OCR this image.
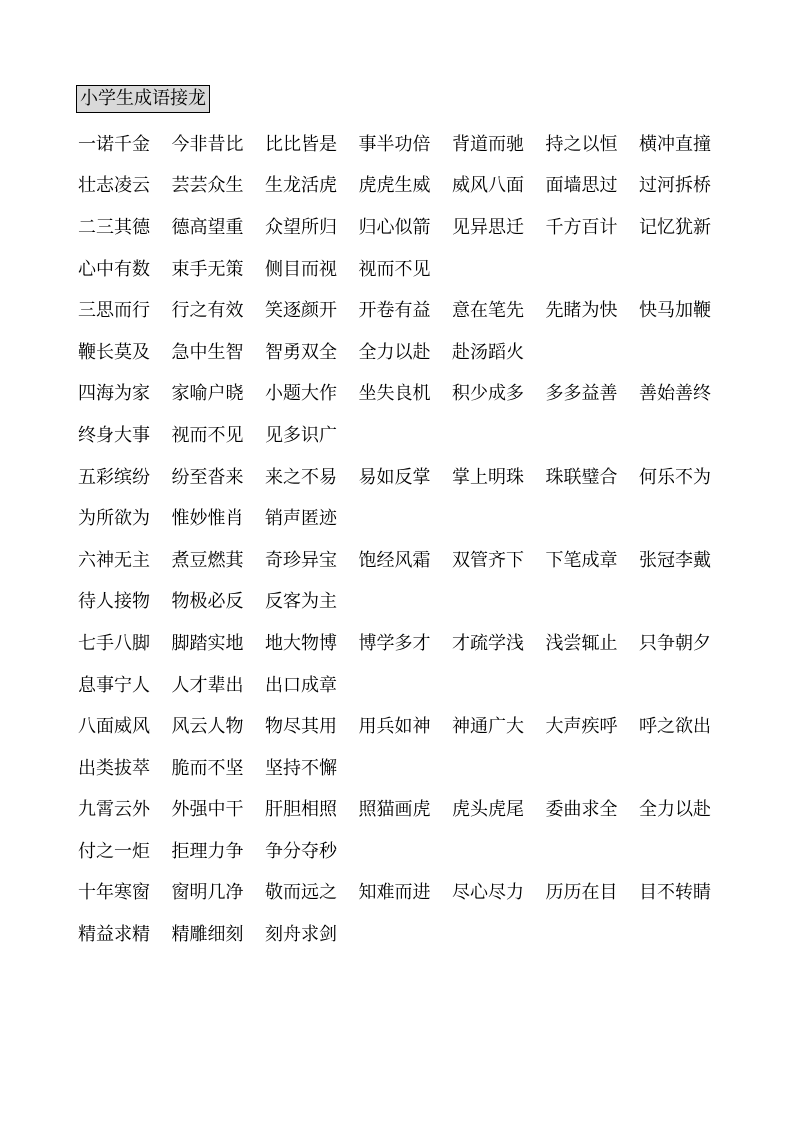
小学生成语接龙
一诺千金	今非昔比	比比皆是	事半功倍	背道而驰	持之以恒	横冲直撞
壮志凌云	芸芸众生	生龙活虎	虎虎生威	威风八面	面墙思过	过河拆桥
二三其德	德高望重	众望所归	归心似箭	见异思迁	千方百计	记忆犹新
心中有数	束手无策	侧目而视	视而不见
三思而行	行之有效	笑逐颜开	开卷有益	意在笔先	先睹为快	快马加鞭
鞭长莫及	急中生智	智勇双全	全力以赴	赴汤蹈火
四海为家	家喻户晓	小题大作	坐失良机	积少成多	多多益善	善始善终
终身大事	视而不见	见多识广
五彩缤纷	纷至沓来	来之不易	易如反掌	掌上明珠	珠联璧合	何乐不为
为所欲为	惟妙惟肖	销声匿迹
六神无主	煮豆燃萁	奇珍异宝	饱经风霜	双管齐下	下笔成章	张冠李戴
待人接物	物极必反	反客为主
七手八脚	脚踏实地	地大物博	博学多才	才疏学浅	浅尝辄止	只争朝夕
息事宁人	人才辈出	出口成章
八面威风	风云人物	物尽其用	用兵如神	神通广大	大声疾呼	呼之欲出
出类拔萃	脆而不坚	坚持不懈
九霄云外	外强中干	肝胆相照	照猫画虎	虎头虎尾	委曲求全	全力以赴
付之一炬	拒理力争	争分夺秒
十年寒窗	窗明几净	敬而远之	知难而进	尽心尽力	历历在目	目不转睛
精益求精	精雕细刻	刻舟求剑
